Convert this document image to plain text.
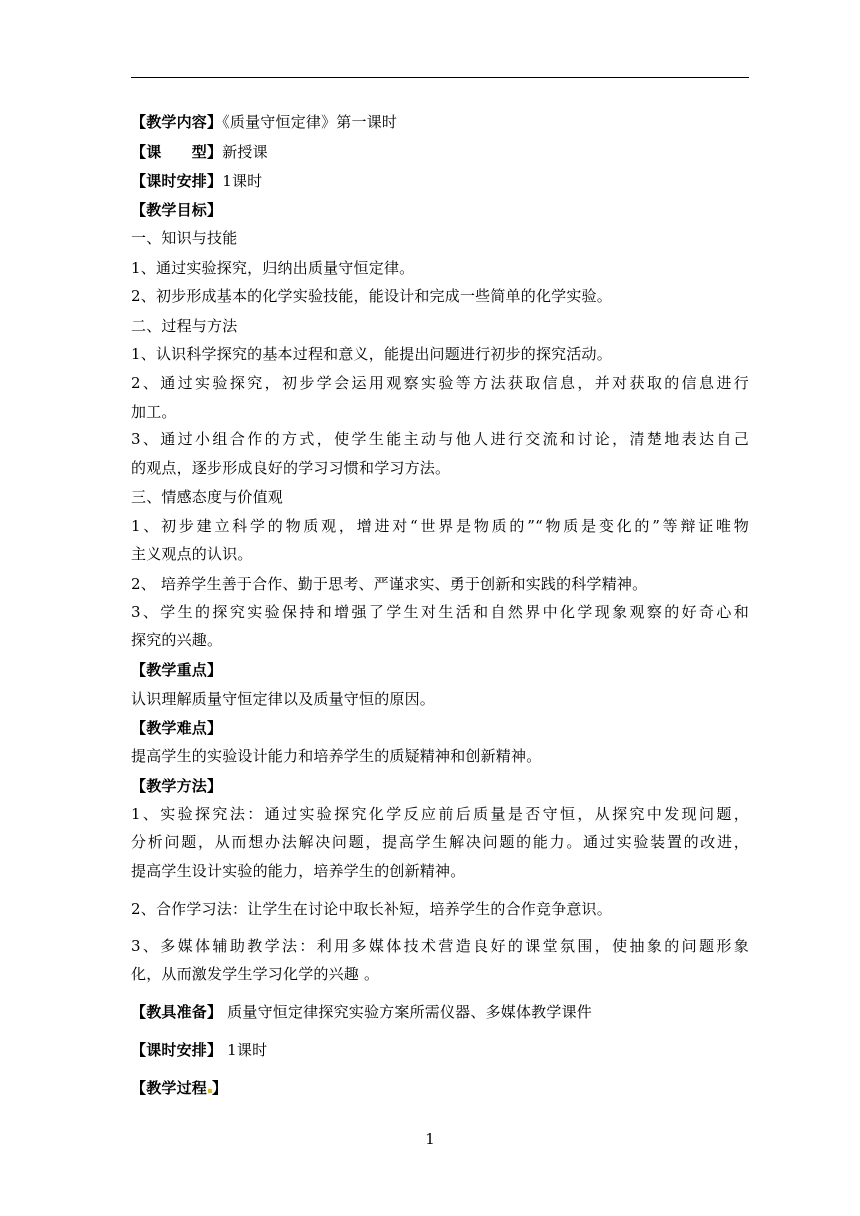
【教学内容】《质量守恒定律》第一课时
【课　　型】新授课
【课时安排】1课时
【教学目标】
一、知识与技能
1、通过实验探究，归纳出质量守恒定律。
2、初步形成基本的化学实验技能，能设计和完成一些简单的化学实验。
二、过程与方法
1、认识科学探究的基本过程和意义，能提出问题进行初步的探究活动。
2、通过实验探究，初步学会运用观察实验等方法获取信息，并对获取的信息进行
加工。
3、通过小组合作的方式，使学生能主动与他人进行交流和讨论，清楚地表达自己
的观点，逐步形成良好的学习习惯和学习方法。
三、情感态度与价值观
1、初步建立科学的物质观，增进对“世界是物质的”“物质是变化的”等辩证唯物
主义观点的认识。
2、 培养学生善于合作、勤于思考、严谨求实、勇于创新和实践的科学精神。
3、学生的探究实验保持和增强了学生对生活和自然界中化学现象观察的好奇心和
探究的兴趣。
【教学重点】
认识理解质量守恒定律以及质量守恒的原因。
【教学难点】
提高学生的实验设计能力和培养学生的质疑精神和创新精神。
【教学方法】
1、实验探究法：通过实验探究化学反应前后质量是否守恒，从探究中发现问题，
分析问题，从而想办法解决问题，提高学生解决问题的能力。通过实验装置的改进，
提高学生设计实验的能力，培养学生的创新精神。
2、合作学习法：让学生在讨论中取长补短，培养学生的合作竞争意识。
3、多媒体辅助教学法：利用多媒体技术营造良好的课堂氛围，使抽象的问题形象
化，从而激发学生学习化学的兴趣 。
【教具准备】 质量守恒定律探究实验方案所需仪器、多媒体教学课件
【课时安排】 1课时
【教学过程 】
1
